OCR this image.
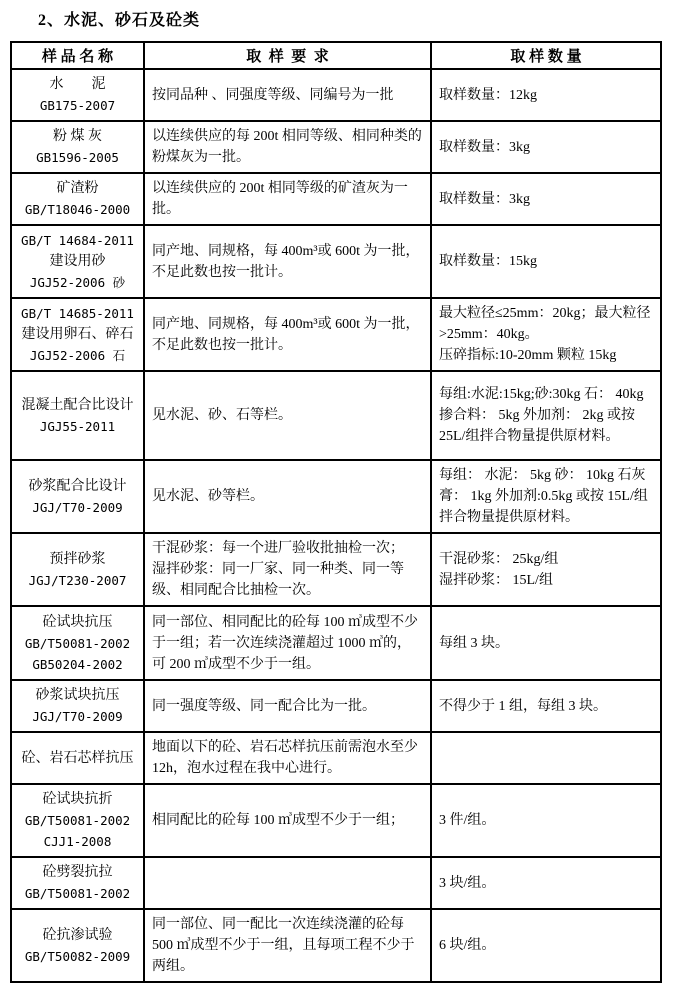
2、水泥、砂石及砼类
样 品 名 称	取  样  要  求	取 样 数 量

水　　泥
GB175-2007	按同品种 、同强度等级、同编号为一批	取样数量：12kg

粉 煤 灰
GB1596-2005	以连续供应的每 200t 相同等级、相同种类的粉煤灰为一批。	取样数量：3kg

矿渣粉
GB/T18046-2000	以连续供应的 200t 相同等级的矿渣灰为一批。	取样数量：3kg

GB/T 14684-2011
建设用砂
JGJ52-2006 砂	同产地、同规格，每 400m³或 600t 为一批，不足此数也按一批计。	取样数量：15kg

GB/T 14685-2011
建设用卵石、碎石
JGJ52-2006 石	同产地、同规格，每 400m³或 600t 为一批，不足此数也按一批计。	最大粒径≤25mm：20kg；最大粒径>25mm：40kg。
压碎指标:10-20mm 颗粒 15kg

混凝土配合比设计
JGJ55-2011	见水泥、砂、石等栏。	每组:水泥:15kg;砂:30kg 石： 40kg 掺合料： 5kg 外加剂： 2kg 或按 25L/组拌合物量提供原材料。

砂浆配合比设计
JGJ/T70-2009	见水泥、砂等栏。	每组： 水泥： 5kg 砂： 10kg 石灰膏： 1kg 外加剂:0.5kg 或按 15L/组拌合物量提供原材料。

预拌砂浆
JGJ/T230-2007	干混砂浆：每一个进厂验收批抽检一次；
湿拌砂浆：同一厂家、同一种类、同一等级、相同配合比抽检一次。	干混砂浆： 25kg/组
湿拌砂浆： 15L/组

砼试块抗压
GB/T50081-2002
GB50204-2002	同一部位、相同配比的砼每 100 ㎥成型不少于一组；若一次连续浇灌超过 1000 ㎥的，可 200 ㎥成型不少于一组。	每组 3 块。

砂浆试块抗压
JGJ/T70-2009	同一强度等级、同一配合比为一批。	不得少于 1 组，每组 3 块。

砼、岩石芯样抗压	地面以下的砼、岩石芯样抗压前需泡水至少 12h，泡水过程在我中心进行。	

砼试块抗折
GB/T50081-2002
CJJ1-2008	相同配比的砼每 100 ㎥成型不少于一组；	3 件/组。

砼劈裂抗拉
GB/T50081-2002		3 块/组。

砼抗渗试验
GB/T50082-2009	同一部位、同一配比一次连续浇灌的砼每 500 ㎥成型不少于一组，且每项工程不少于两组。	6 块/组。
